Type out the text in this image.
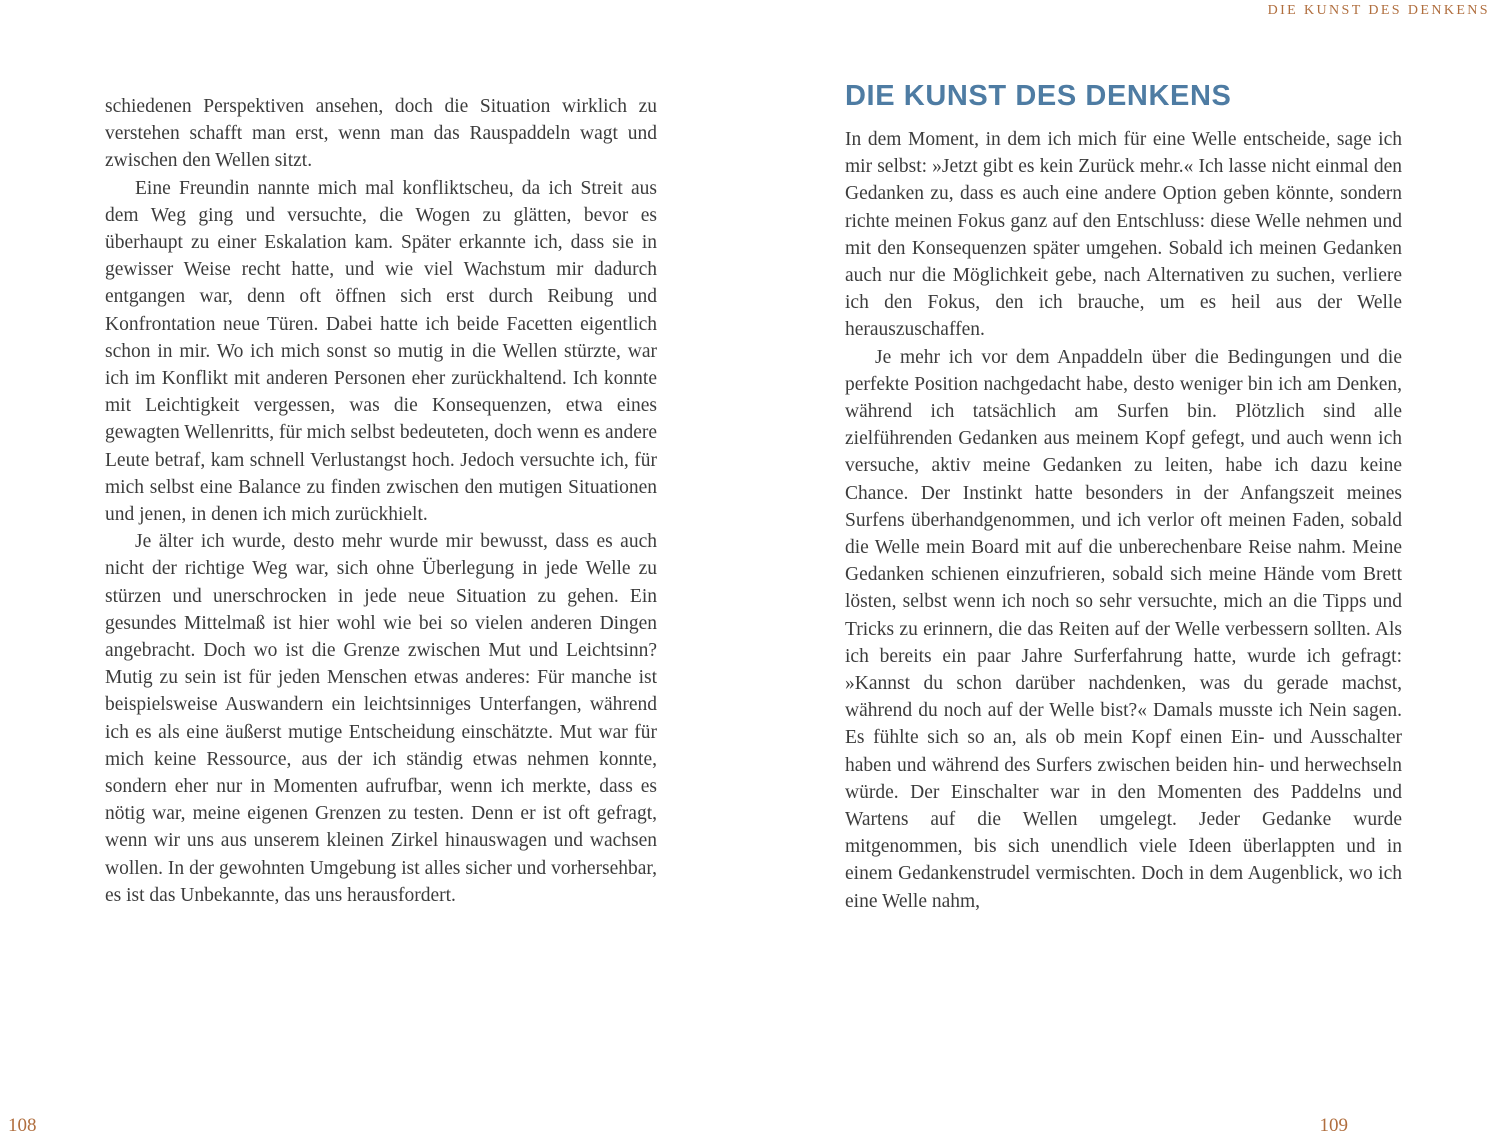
DIE KUNST DES DENKENS

schiedenen Perspektiven ansehen, doch die Situation wirklich zu verstehen schafft man erst, wenn man das Rauspaddeln wagt und zwischen den Wellen sitzt.

Eine Freundin nannte mich mal konfliktscheu, da ich Streit aus dem Weg ging und versuchte, die Wogen zu glätten, bevor es überhaupt zu einer Eskalation kam. Später erkannte ich, dass sie in gewisser Weise recht hatte, und wie viel Wachstum mir dadurch entgangen war, denn oft öffnen sich erst durch Reibung und Konfrontation neue Türen. Dabei hatte ich beide Facetten eigentlich schon in mir. Wo ich mich sonst so mutig in die Wellen stürzte, war ich im Konflikt mit anderen Personen eher zurückhaltend. Ich konnte mit Leichtigkeit vergessen, was die Konsequenzen, etwa eines gewagten Wellenritts, für mich selbst bedeuteten, doch wenn es andere Leute betraf, kam schnell Verlustangst hoch. Jedoch versuchte ich, für mich selbst eine Balance zu finden zwischen den mutigen Situationen und jenen, in denen ich mich zurückhielt.

Je älter ich wurde, desto mehr wurde mir bewusst, dass es auch nicht der richtige Weg war, sich ohne Überlegung in jede Welle zu stürzen und unerschrocken in jede neue Situation zu gehen. Ein gesundes Mittelmaß ist hier wohl wie bei so vielen anderen Dingen angebracht. Doch wo ist die Grenze zwischen Mut und Leichtsinn? Mutig zu sein ist für jeden Menschen etwas anderes: Für manche ist beispielsweise Auswandern ein leichtsinniges Unterfangen, während ich es als eine äußerst mutige Entscheidung einschätzte. Mut war für mich keine Ressource, aus der ich ständig etwas nehmen konnte, sondern eher nur in Momenten aufrufbar, wenn ich merkte, dass es nötig war, meine eigenen Grenzen zu testen. Denn er ist oft gefragt, wenn wir uns aus unserem kleinen Zirkel hinauswagen und wachsen wollen. In der gewohnten Umgebung ist alles sicher und vorhersehbar, es ist das Unbekannte, das uns herausfordert.

108
DIE KUNST DES DENKENS

In dem Moment, in dem ich mich für eine Welle entscheide, sage ich mir selbst: »Jetzt gibt es kein Zurück mehr.« Ich lasse nicht einmal den Gedanken zu, dass es auch eine andere Option geben könnte, sondern richte meinen Fokus ganz auf den Entschluss: diese Welle nehmen und mit den Konsequenzen später umgehen. Sobald ich meinen Gedanken auch nur die Möglichkeit gebe, nach Alternativen zu suchen, verliere ich den Fokus, den ich brauche, um es heil aus der Welle herauszuschaffen.

Je mehr ich vor dem Anpaddeln über die Bedingungen und die perfekte Position nachgedacht habe, desto weniger bin ich am Denken, während ich tatsächlich am Surfen bin. Plötzlich sind alle zielführenden Gedanken aus meinem Kopf gefegt, und auch wenn ich versuche, aktiv meine Gedanken zu leiten, habe ich dazu keine Chance. Der Instinkt hatte besonders in der Anfangszeit meines Surfens überhandgenommen, und ich verlor oft meinen Faden, sobald die Welle mein Board mit auf die unberechenbare Reise nahm. Meine Gedanken schienen einzufrieren, sobald sich meine Hände vom Brett lösten, selbst wenn ich noch so sehr versuchte, mich an die Tipps und Tricks zu erinnern, die das Reiten auf der Welle verbessern sollten. Als ich bereits ein paar Jahre Surferfahrung hatte, wurde ich gefragt: »Kannst du schon darüber nachdenken, was du gerade machst, während du noch auf der Welle bist?« Damals musste ich Nein sagen. Es fühlte sich so an, als ob mein Kopf einen Ein- und Ausschalter haben und während des Surfers zwischen beiden hin- und herwechseln würde. Der Einschalter war in den Momenten des Paddelns und Wartens auf die Wellen umgelegt. Jeder Gedanke wurde mitgenommen, bis sich unendlich viele Ideen überlappten und in einem Gedankenstrudel vermischten. Doch in dem Augenblick, wo ich eine Welle nahm,

109
